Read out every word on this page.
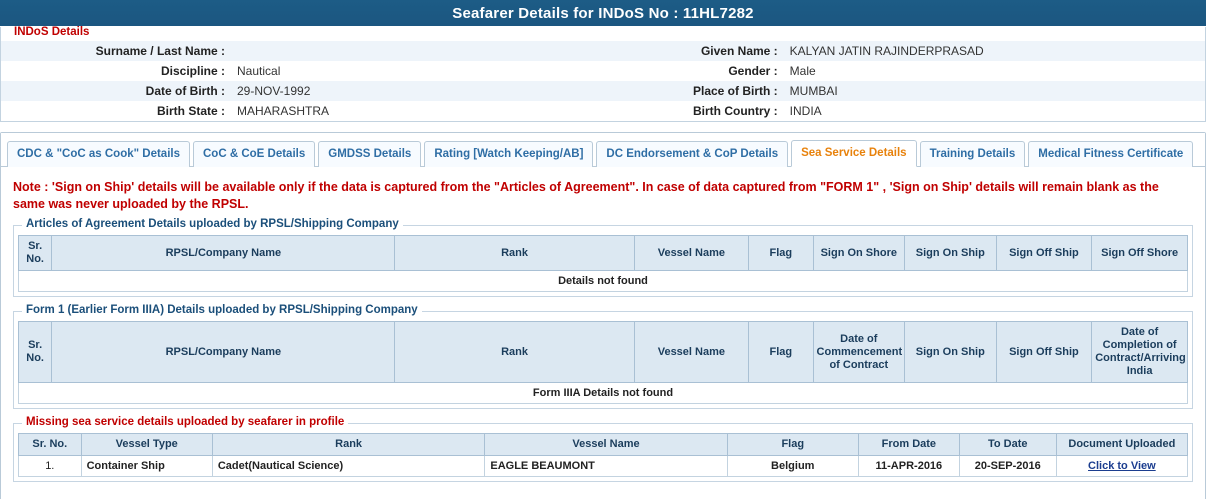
Seafarer Details for INDoS No : 11HL7282
INDoS Details
Surname / Last Name :		Given Name :	KALYAN JATIN RAJINDERPRASAD
Discipline :	Nautical	Gender :	Male
Date of Birth :	29-NOV-1992	Place of Birth :	MUMBAI
Birth State :	MAHARASHTRA	Birth Country :	INDIA
CDC & "CoC as Cook" Details	CoC & CoE Details	GMDSS Details	Rating [Watch Keeping/AB]	DC Endorsement & CoP Details	Sea Service Details	Training Details	Medical Fitness Certificate
Note : 'Sign on Ship' details will be available only if the data is captured from the "Articles of Agreement". In case of data captured from "FORM 1" , 'Sign on Ship' details will remain blank as the same was never uploaded by the RPSL.
Articles of Agreement Details uploaded by RPSL/Shipping Company
Sr. No.	RPSL/Company Name	Rank	Vessel Name	Flag	Sign On Shore	Sign On Ship	Sign Off Ship	Sign Off Shore
Details not found
Form 1 (Earlier Form IIIA) Details uploaded by RPSL/Shipping Company
Sr. No.	RPSL/Company Name	Rank	Vessel Name	Flag	Date of Commencement of Contract	Sign On Ship	Sign Off Ship	Date of Completion of Contract/Arriving India
Form IIIA Details not found
Missing sea service details uploaded by seafarer in profile
Sr. No.	Vessel Type	Rank	Vessel Name	Flag	From Date	To Date	Document Uploaded
1.	Container Ship	Cadet(Nautical Science)	EAGLE BEAUMONT	Belgium	11-APR-2016	20-SEP-2016	Click to View
